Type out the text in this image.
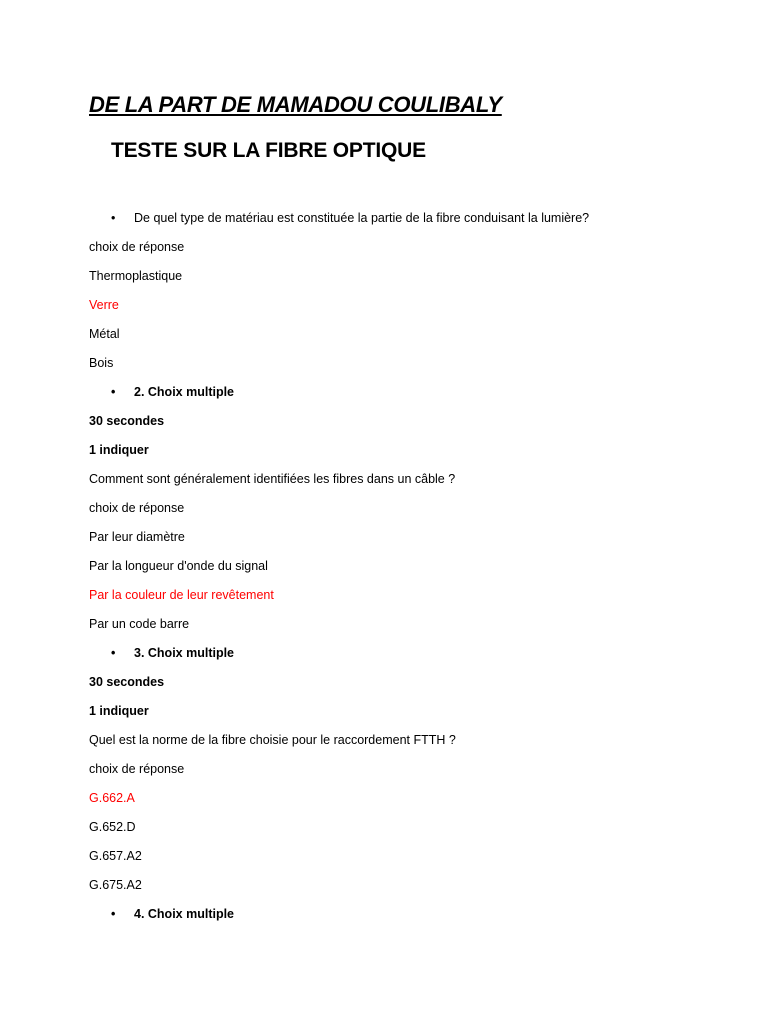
DE LA PART DE MAMADOU COULIBALY
TESTE SUR LA FIBRE OPTIQUE
• De quel type de matériau est constituée la partie de la fibre conduisant la lumière?
choix de réponse
Thermoplastique
Verre
Métal
Bois
• 2. Choix multiple
30 secondes
1 indiquer
Comment sont généralement identifiées les fibres dans un câble ?
choix de réponse
Par leur diamètre
Par la longueur d'onde du signal
Par la couleur de leur revêtement
Par un code barre
• 3. Choix multiple
30 secondes
1 indiquer
Quel est la norme de la fibre choisie pour le raccordement FTTH ?
choix de réponse
G.662.A
G.652.D
G.657.A2
G.675.A2
• 4. Choix multiple
